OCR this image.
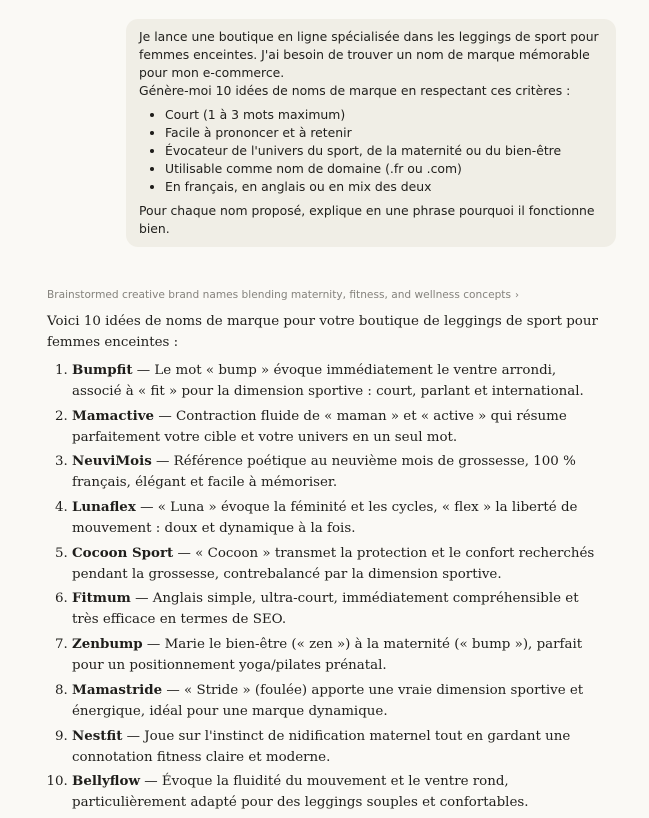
Je lance une boutique en ligne spécialisée dans les leggings de sport pour femmes enceintes. J'ai besoin de trouver un nom de marque mémorable pour mon e-commerce.

Génère-moi 10 idées de noms de marque en respectant ces critères :

• Court (1 à 3 mots maximum)
• Facile à prononcer et à retenir
• Évocateur de l'univers du sport, de la maternité ou du bien-être
• Utilisable comme nom de domaine (.fr ou .com)
• En français, en anglais ou en mix des deux

Pour chaque nom proposé, explique en une phrase pourquoi il fonctionne bien.

Brainstormed creative brand names blending maternity, fitness, and wellness concepts ›

Voici 10 idées de noms de marque pour votre boutique de leggings de sport pour femmes enceintes :

1. Bumpfit — Le mot « bump » évoque immédiatement le ventre arrondi, associé à « fit » pour la dimension sportive : court, parlant et international.
2. Mamactive — Contraction fluide de « maman » et « active » qui résume parfaitement votre cible et votre univers en un seul mot.
3. NeuviMois — Référence poétique au neuvième mois de grossesse, 100 % français, élégant et facile à mémoriser.
4. Lunaflex — « Luna » évoque la féminité et les cycles, « flex » la liberté de mouvement : doux et dynamique à la fois.
5. Cocoon Sport — « Cocoon » transmet la protection et le confort recherchés pendant la grossesse, contrebalancé par la dimension sportive.
6. Fitmum — Anglais simple, ultra-court, immédiatement compréhensible et très efficace en termes de SEO.
7. Zenbump — Marie le bien-être (« zen ») à la maternité (« bump »), parfait pour un positionnement yoga/pilates prénatal.
8. Mamastride — « Stride » (foulée) apporte une vraie dimension sportive et énergique, idéal pour une marque dynamique.
9. Nestfit — Joue sur l'instinct de nidification maternel tout en gardant une connotation fitness claire et moderne.
10. Bellyflow — Évoque la fluidité du mouvement et le ventre rond, particulièrement adapté pour des leggings souples et confortables.
